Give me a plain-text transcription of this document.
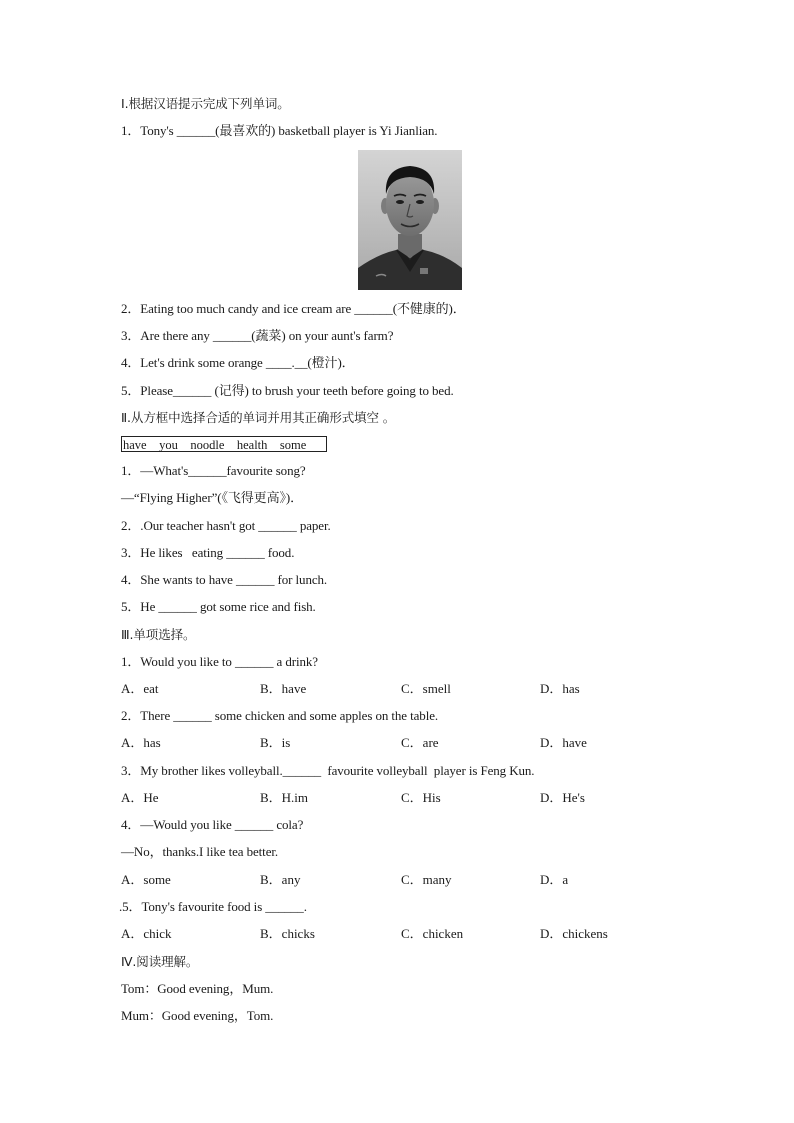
Ⅰ.根据汉语提示完成下列单词。
1．Tony's ______(最喜欢的) basketball player is Yi Jianlian.
2．Eating too much candy and ice cream are ______(不健康的)．
3．Are there any ______(蔬菜) on your aunt's farm?
4．Let's drink some orange ____.__(橙汁)．
5．Please______ (记得) to brush your teeth before going to bed.
Ⅱ.从方框中选择合适的单词并用其正确形式填空 。
have    you    noodle    health    some
1．—What's______favourite song?
—“Flying Higher”(《飞得更高》)．
2．.Our teacher hasn't got ______ paper.
3．He likes   eating ______ food.
4．She wants to have ______ for lunch.
5．He ______ got some rice and fish.
Ⅲ.单项选择。
1．Would you like to ______ a drink?
A．eat	B．have	C．smell	D．has
2．There ______ some chicken and some apples on the table.
A．has	B．is	C．are	D．have
3．My brother likes volleyball.______  favourite volleyball  player is Feng Kun.
A．He	B．H.im	C．His	D．He's
4．—Would you like ______ cola?
—No，thanks.I like tea better.
A．some	B．any	C．many	D．a
.5．Tony's favourite food is ______.
A．chick	B．chicks	C．chicken	D．chickens
Ⅳ.阅读理解。
Tom：Good evening，Mum.
Mum：Good evening，Tom.
